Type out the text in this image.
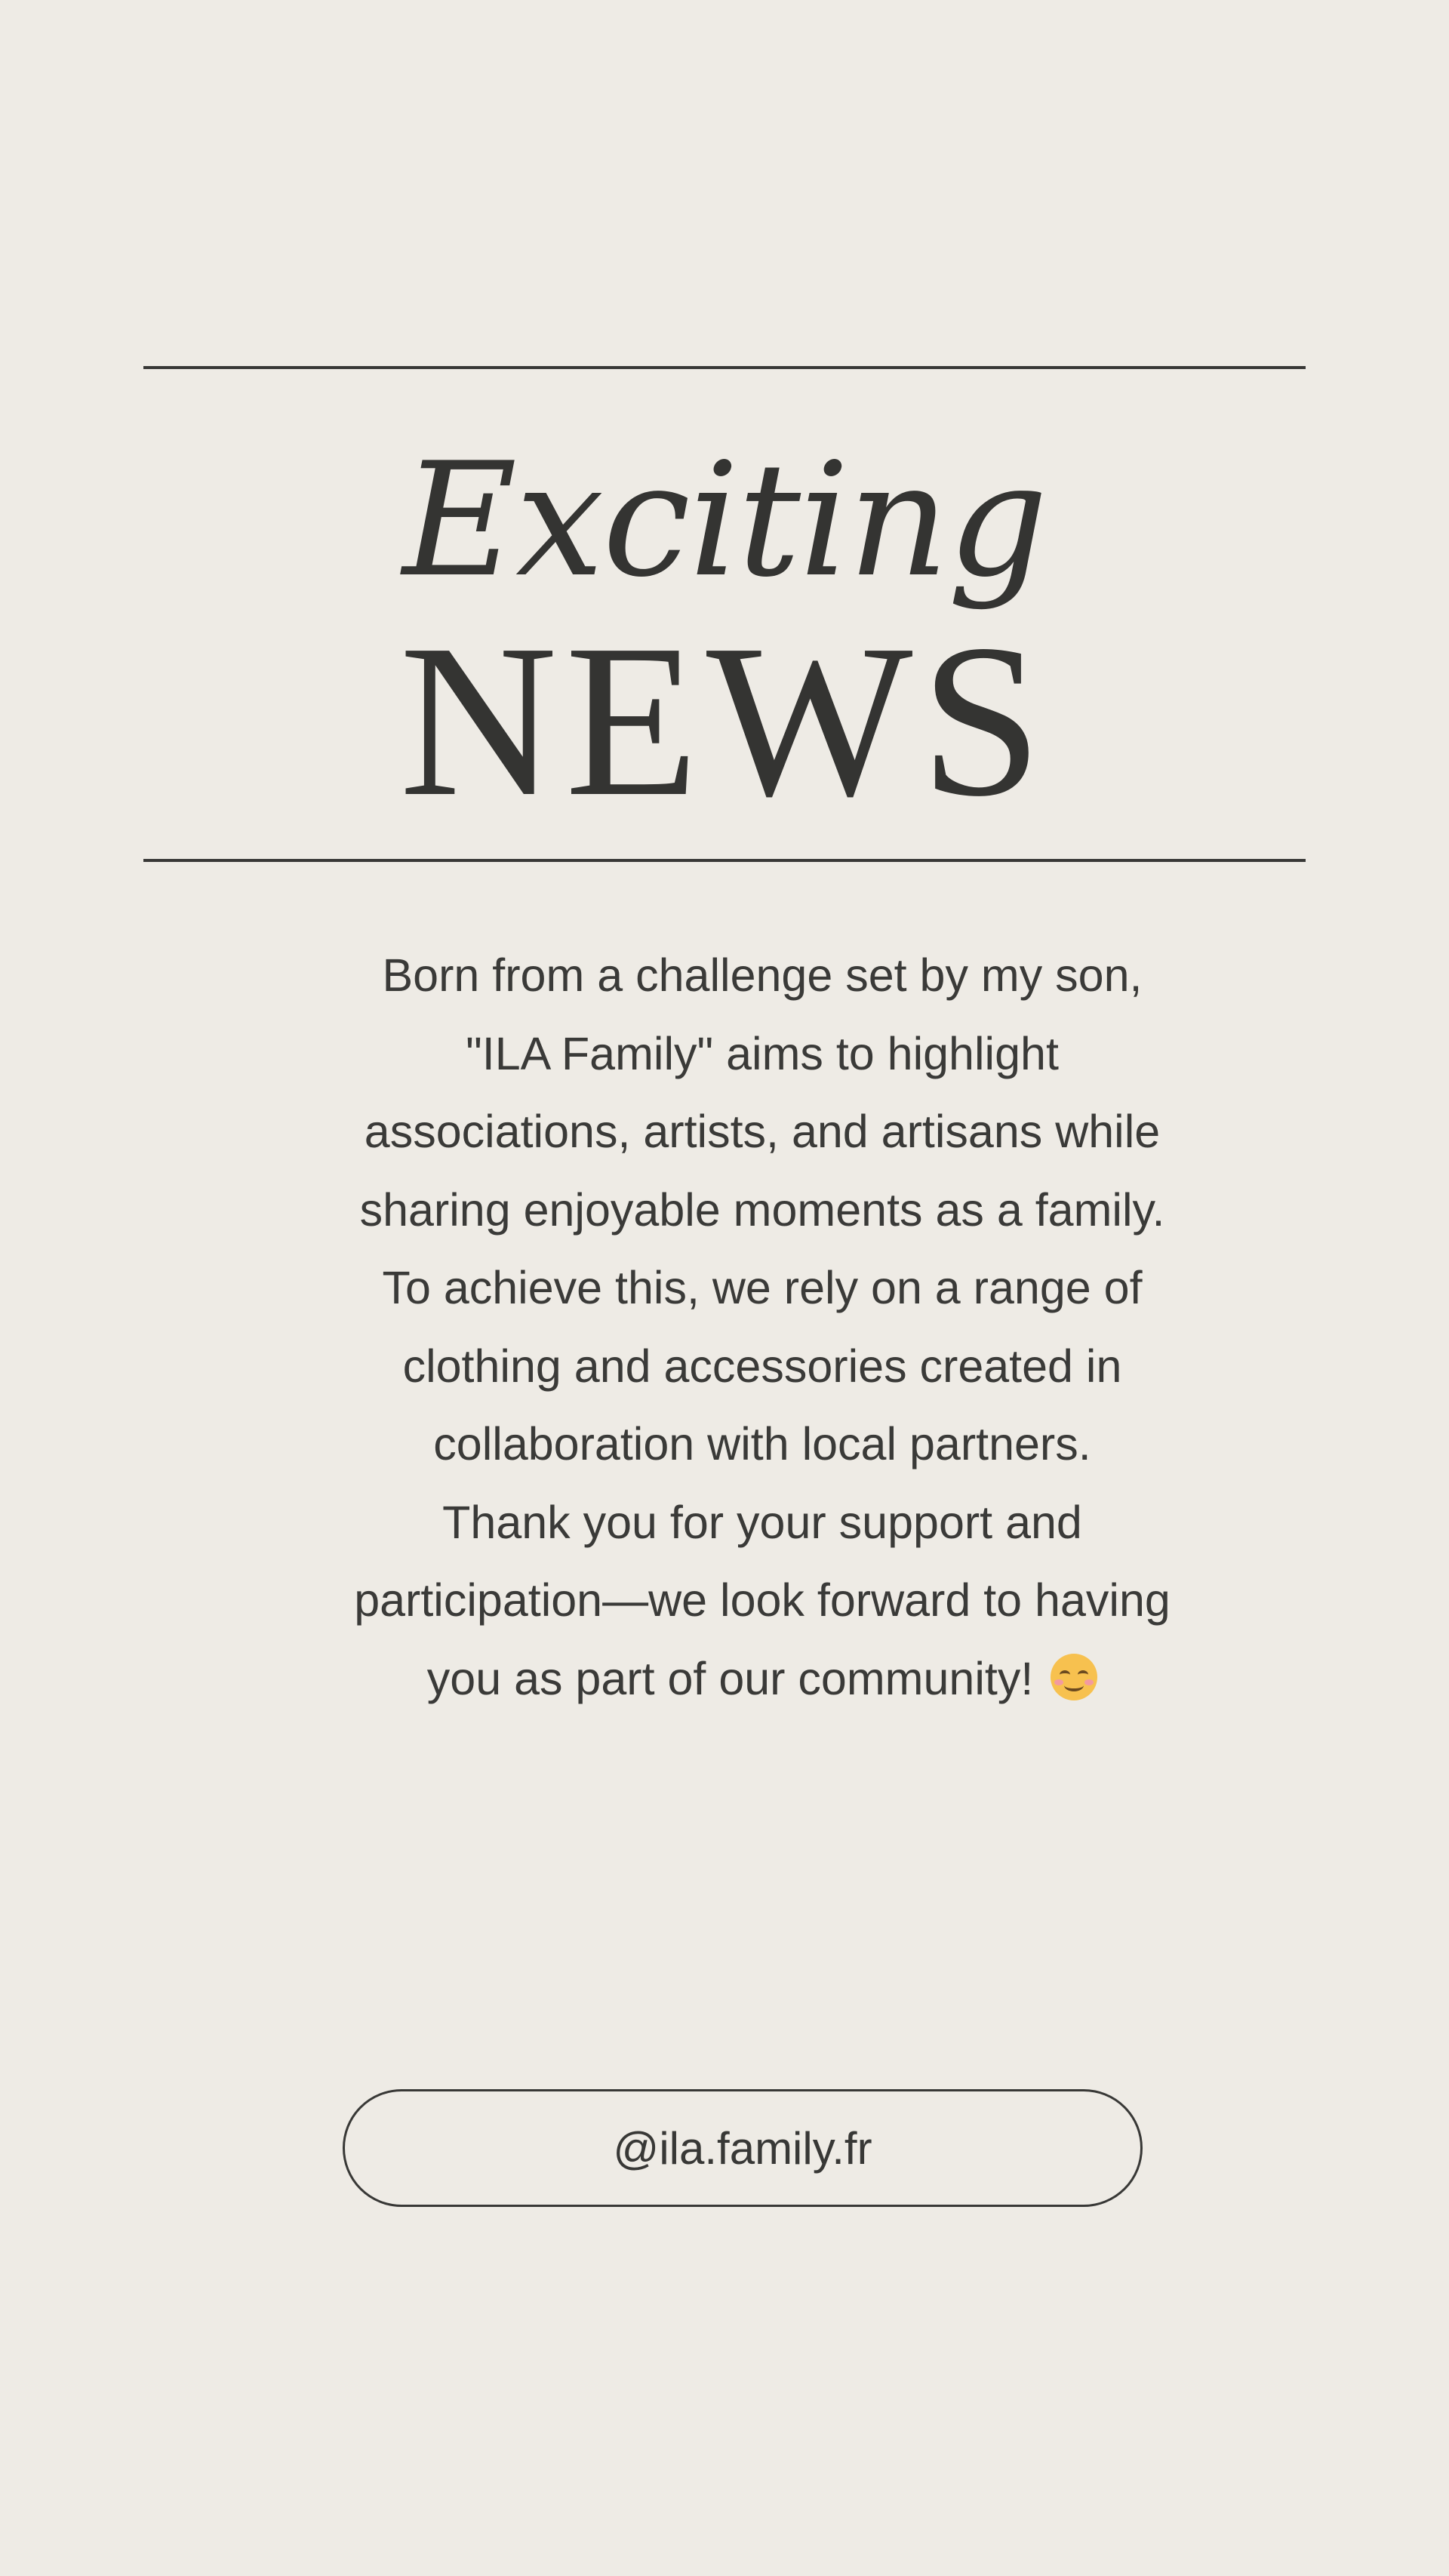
Exciting
NEWS

Born from a challenge set by my son, "ILA Family" aims to highlight associations, artists, and artisans while sharing enjoyable moments as a family. To achieve this, we rely on a range of clothing and accessories created in collaboration with local partners.

Thank you for your support and participation—we look forward to having you as part of our community!

@ila.family.fr
